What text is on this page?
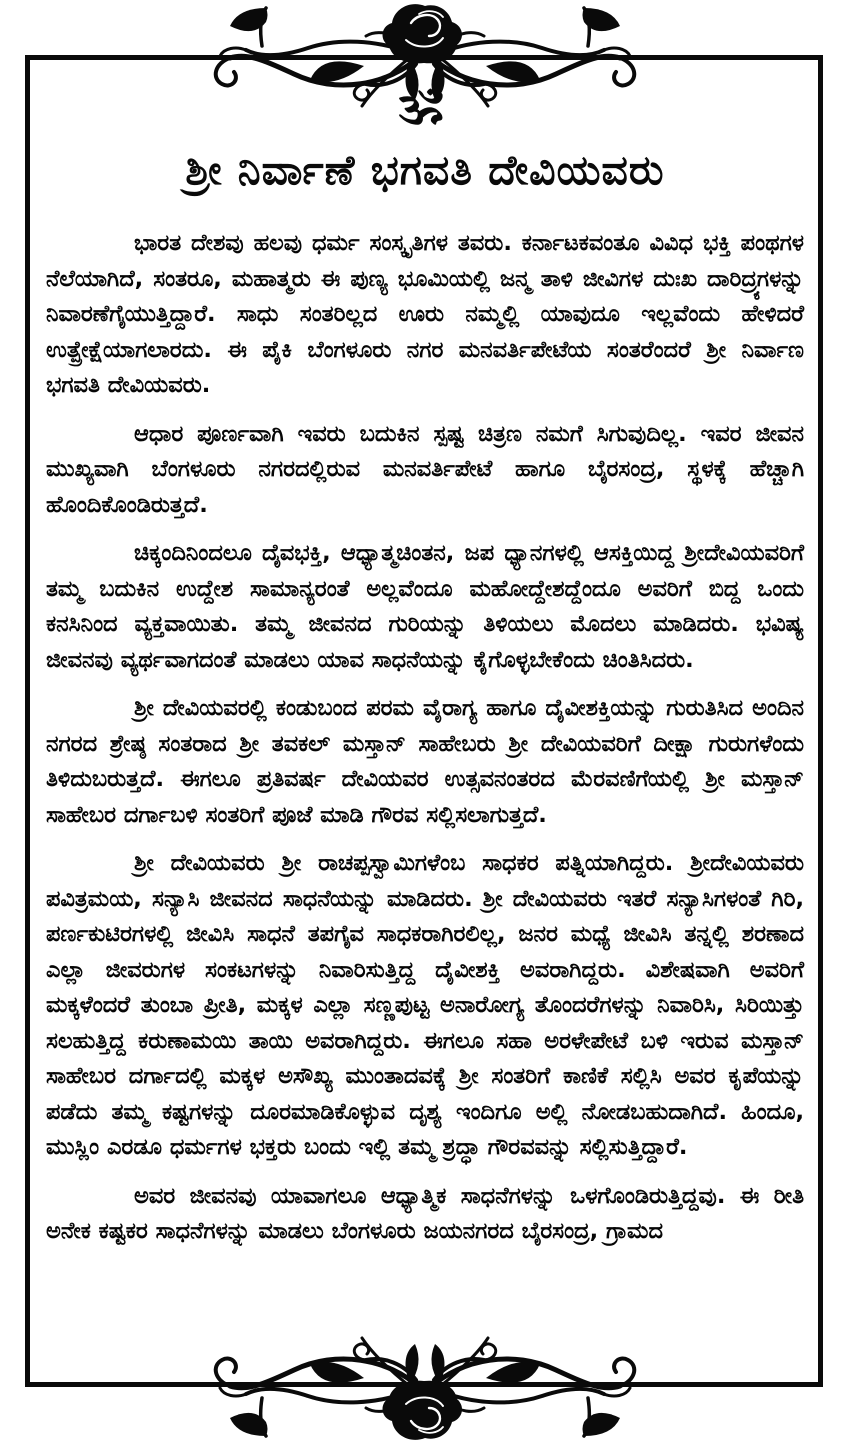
ॐ
ಶ್ರೀ ನಿರ್ವಾಣೆ ಭಗವತಿ ದೇವಿಯವರು

ಭಾರತ ದೇಶವು ಹಲವು ಧರ್ಮ ಸಂಸ್ಕೃತಿಗಳ ತವರು. ಕರ್ನಾಟಕವಂತೂ ವಿವಿಧ ಭಕ್ತಿ ಪಂಥಗಳ ನೆಲೆಯಾಗಿದೆ, ಸಂತರೂ, ಮಹಾತ್ಮರು ಈ ಪುಣ್ಯ ಭೂಮಿಯಲ್ಲಿ ಜನ್ಮ ತಾಳಿ ಜೀವಿಗಳ ದುಃಖ ದಾರಿದ್ರ್ಯಗಳನ್ನು ನಿವಾರಣೆಗೈಯುತ್ತಿದ್ದಾರೆ. ಸಾಧು ಸಂತರಿಲ್ಲದ ಊರು ನಮ್ಮಲ್ಲಿ ಯಾವುದೂ ಇಲ್ಲವೆಂದು ಹೇಳಿದರೆ ಉತ್ಪ್ರೇಕ್ಷೆಯಾಗಲಾರದು. ಈ ಪೈಕಿ ಬೆಂಗಳೂರು ನಗರ ಮನವರ್ತಿಪೇಟೆಯ ಸಂತರೆಂದರೆ ಶ್ರೀ ನಿರ್ವಾಣ ಭಗವತಿ ದೇವಿಯವರು.

ಆಧಾರ ಪೂರ್ಣವಾಗಿ ಇವರು ಬದುಕಿನ ಸ್ಪಷ್ಟ ಚಿತ್ರಣ ನಮಗೆ ಸಿಗುವುದಿಲ್ಲ. ಇವರ ಜೀವನ ಮುಖ್ಯವಾಗಿ ಬೆಂಗಳೂರು ನಗರದಲ್ಲಿರುವ ಮನವರ್ತಿಪೇಟೆ ಹಾಗೂ ಬೈರಸಂದ್ರ, ಸ್ಥಳಕ್ಕೆ ಹೆಚ್ಚಾಗಿ ಹೊಂದಿಕೊಂಡಿರುತ್ತದೆ.

ಚಿಕ್ಕಂದಿನಿಂದಲೂ ದೈವಭಕ್ತಿ, ಆಧ್ಯಾತ್ಮಚಿಂತನ, ಜಪ ಧ್ಯಾನಗಳಲ್ಲಿ ಆಸಕ್ತಿಯಿದ್ದ ಶ್ರೀದೇವಿಯವರಿಗೆ ತಮ್ಮ ಬದುಕಿನ ಉದ್ದೇಶ ಸಾಮಾನ್ಯರಂತೆ ಅಲ್ಲವೆಂದೂ ಮಹೋದ್ದೇಶದ್ದೆಂದೂ ಅವರಿಗೆ ಬಿದ್ದ ಒಂದು ಕನಸಿನಿಂದ ವ್ಯಕ್ತವಾಯಿತು. ತಮ್ಮ ಜೀವನದ ಗುರಿಯನ್ನು ತಿಳಿಯಲು ಮೊದಲು ಮಾಡಿದರು. ಭವಿಷ್ಯ ಜೀವನವು ವ್ಯರ್ಥವಾಗದಂತೆ ಮಾಡಲು ಯಾವ ಸಾಧನೆಯನ್ನು ಕೈಗೊಳ್ಳಬೇಕೆಂದು ಚಿಂತಿಸಿದರು.

ಶ್ರೀ ದೇವಿಯವರಲ್ಲಿ ಕಂಡುಬಂದ ಪರಮ ವೈರಾಗ್ಯ ಹಾಗೂ ದೈವೀಶಕ್ತಿಯನ್ನು ಗುರುತಿಸಿದ ಅಂದಿನ ನಗರದ ಶ್ರೇಷ್ಠ ಸಂತರಾದ ಶ್ರೀ ತವಕಲ್ ಮಸ್ತಾನ್ ಸಾಹೇಬರು ಶ್ರೀ ದೇವಿಯವರಿಗೆ ದೀಕ್ಷಾ ಗುರುಗಳೆಂದು ತಿಳಿದುಬರುತ್ತದೆ. ಈಗಲೂ ಪ್ರತಿವರ್ಷ ದೇವಿಯವರ ಉತ್ಸವನಂತರದ ಮೆರವಣಿಗೆಯಲ್ಲಿ ಶ್ರೀ ಮಸ್ತಾನ್ ಸಾಹೇಬರ ದರ್ಗಾಬಳಿ ಸಂತರಿಗೆ ಪೂಜೆ ಮಾಡಿ ಗೌರವ ಸಲ್ಲಿಸಲಾಗುತ್ತದೆ.

ಶ್ರೀ ದೇವಿಯವರು ಶ್ರೀ ರಾಚಪ್ಪಸ್ವಾಮಿಗಳೆಂಬ ಸಾಧಕರ ಪತ್ನಿಯಾಗಿದ್ದರು. ಶ್ರೀದೇವಿಯವರು ಪವಿತ್ರಮಯ, ಸನ್ಯಾಸಿ ಜೀವನದ ಸಾಧನೆಯನ್ನು ಮಾಡಿದರು. ಶ್ರೀ ದೇವಿಯವರು ಇತರೆ ಸನ್ಯಾಸಿಗಳಂತೆ ಗಿರಿ, ಪರ್ಣಕುಟಿರಗಳಲ್ಲಿ ಜೀವಿಸಿ ಸಾಧನೆ ತಪಗೈವ ಸಾಧಕರಾಗಿರಲಿಲ್ಲ, ಜನರ ಮಧ್ಯೆ ಜೀವಿಸಿ ತನ್ನಲ್ಲಿ ಶರಣಾದ ಎಲ್ಲಾ ಜೀವರುಗಳ ಸಂಕಟಗಳನ್ನು ನಿವಾರಿಸುತ್ತಿದ್ದ ದೈವೀಶಕ್ತಿ ಅವರಾಗಿದ್ದರು. ವಿಶೇಷವಾಗಿ ಅವರಿಗೆ ಮಕ್ಕಳೆಂದರೆ ತುಂಬಾ ಪ್ರೀತಿ, ಮಕ್ಕಳ ಎಲ್ಲಾ ಸಣ್ಣಪುಟ್ಟ ಅನಾರೋಗ್ಯ ತೊಂದರೆಗಳನ್ನು ನಿವಾರಿಸಿ, ಸಿರಿಯಿತ್ತು ಸಲಹುತ್ತಿದ್ದ ಕರುಣಾಮಯಿ ತಾಯಿ ಅವರಾಗಿದ್ದರು. ಈಗಲೂ ಸಹಾ ಅರಳೇಪೇಟೆ ಬಳಿ ಇರುವ ಮಸ್ತಾನ್ ಸಾಹೇಬರ ದರ್ಗಾದಲ್ಲಿ ಮಕ್ಕಳ ಅಸೌಖ್ಯ ಮುಂತಾದವಕ್ಕೆ ಶ್ರೀ ಸಂತರಿಗೆ ಕಾಣಿಕೆ ಸಲ್ಲಿಸಿ ಅವರ ಕೃಪೆಯನ್ನು ಪಡೆದು ತಮ್ಮ ಕಷ್ಟಗಳನ್ನು ದೂರಮಾಡಿಕೊಳ್ಳುವ ದೃಶ್ಯ ಇಂದಿಗೂ ಅಲ್ಲಿ ನೋಡಬಹುದಾಗಿದೆ. ಹಿಂದೂ, ಮುಸ್ಲಿಂ ಎರಡೂ ಧರ್ಮಗಳ ಭಕ್ತರು ಬಂದು ಇಲ್ಲಿ ತಮ್ಮ ಶ್ರದ್ಧಾ ಗೌರವವನ್ನು ಸಲ್ಲಿಸುತ್ತಿದ್ದಾರೆ.

ಅವರ ಜೀವನವು ಯಾವಾಗಲೂ ಆಧ್ಯಾತ್ಮಿಕ ಸಾಧನೆಗಳನ್ನು ಒಳಗೊಂಡಿರುತ್ತಿದ್ದವು. ಈ ರೀತಿ ಅನೇಕ ಕಷ್ಟಕರ ಸಾಧನೆಗಳನ್ನು ಮಾಡಲು ಬೆಂಗಳೂರು ಜಯನಗರದ ಬೈರಸಂದ್ರ, ಗ್ರಾಮದ
